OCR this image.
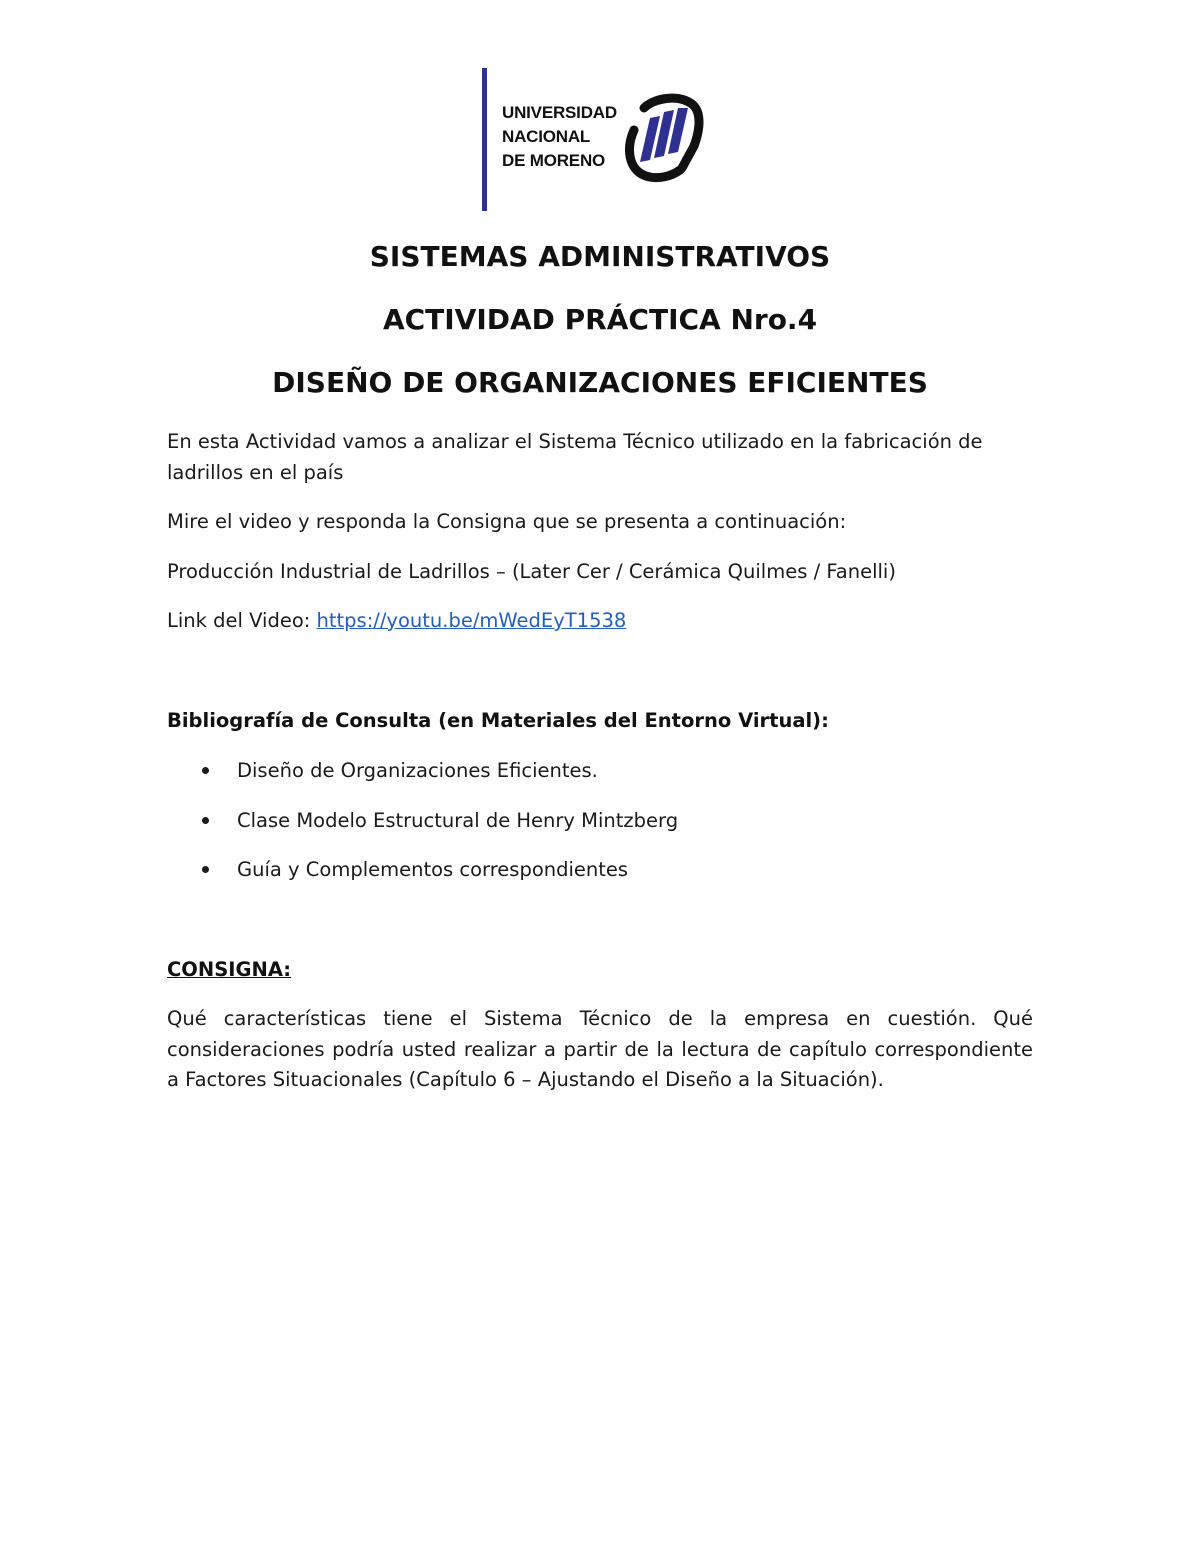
UNIVERSIDAD
NACIONAL
DE MORENO
SISTEMAS ADMINISTRATIVOS
ACTIVIDAD PRÁCTICA Nro.4
DISEÑO DE ORGANIZACIONES EFICIENTES
En esta Actividad vamos a analizar el Sistema Técnico utilizado en la fabricación de ladrillos en el país
Mire el video y responda la Consigna que se presenta a continuación:
Producción Industrial de Ladrillos – (Later Cer / Cerámica Quilmes / Fanelli)
Link del Video: https://youtu.be/mWedEyT1538
Bibliografía de Consulta (en Materiales del Entorno Virtual):
Diseño de Organizaciones Eficientes.
Clase Modelo Estructural de Henry Mintzberg
Guía y Complementos correspondientes
CONSIGNA:
Qué características tiene el Sistema Técnico de la empresa en cuestión. Qué consideraciones podría usted realizar a partir de la lectura de capítulo correspondiente a Factores Situacionales (Capítulo 6 – Ajustando el Diseño a la Situación).
